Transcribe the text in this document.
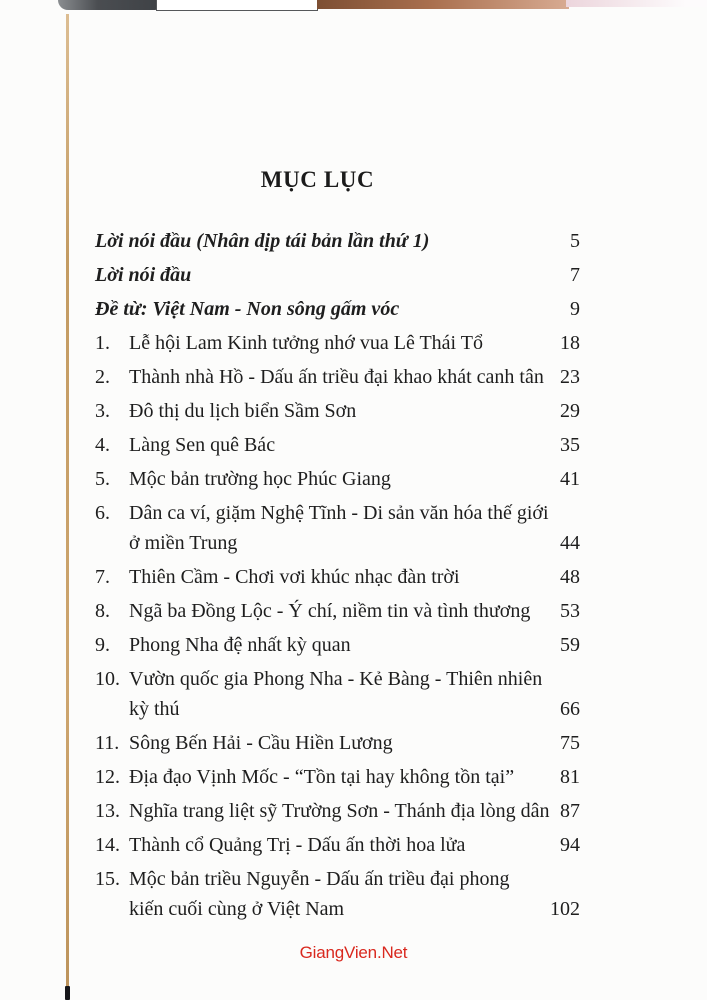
MỤC LỤC
Lời nói đầu (Nhân dịp tái bản lần thứ 1)	5
Lời nói đầu	7
Đề từ: Việt Nam - Non sông gấm vóc	9
1. Lễ hội Lam Kinh tưởng nhớ vua Lê Thái Tổ	18
2. Thành nhà Hồ - Dấu ấn triều đại khao khát canh tân 23
3. Đô thị du lịch biển Sầm Sơn	29
4. Làng Sen quê Bác	35
5. Mộc bản trường học Phúc Giang	41
6. Dân ca ví, giặm Nghệ Tĩnh - Di sản văn hóa thế giới
ở miền Trung	44
7. Thiên Cầm - Chơi vơi khúc nhạc đàn trời	48
8. Ngã ba Đồng Lộc - Ý chí, niềm tin và tình thương	53
9. Phong Nha đệ nhất kỳ quan	59
10. Vườn quốc gia Phong Nha - Kẻ Bàng - Thiên nhiên
kỳ thú	66
11. Sông Bến Hải - Cầu Hiền Lương	75
12. Địa đạo Vịnh Mốc - “Tồn tại hay không tồn tại”	81
13. Nghĩa trang liệt sỹ Trường Sơn - Thánh địa lòng dân 87
14. Thành cổ Quảng Trị - Dấu ấn thời hoa lửa	94
15. Mộc bản triều Nguyễn - Dấu ấn triều đại phong
kiến cuối cùng ở Việt Nam	102
GiangVien.Net
